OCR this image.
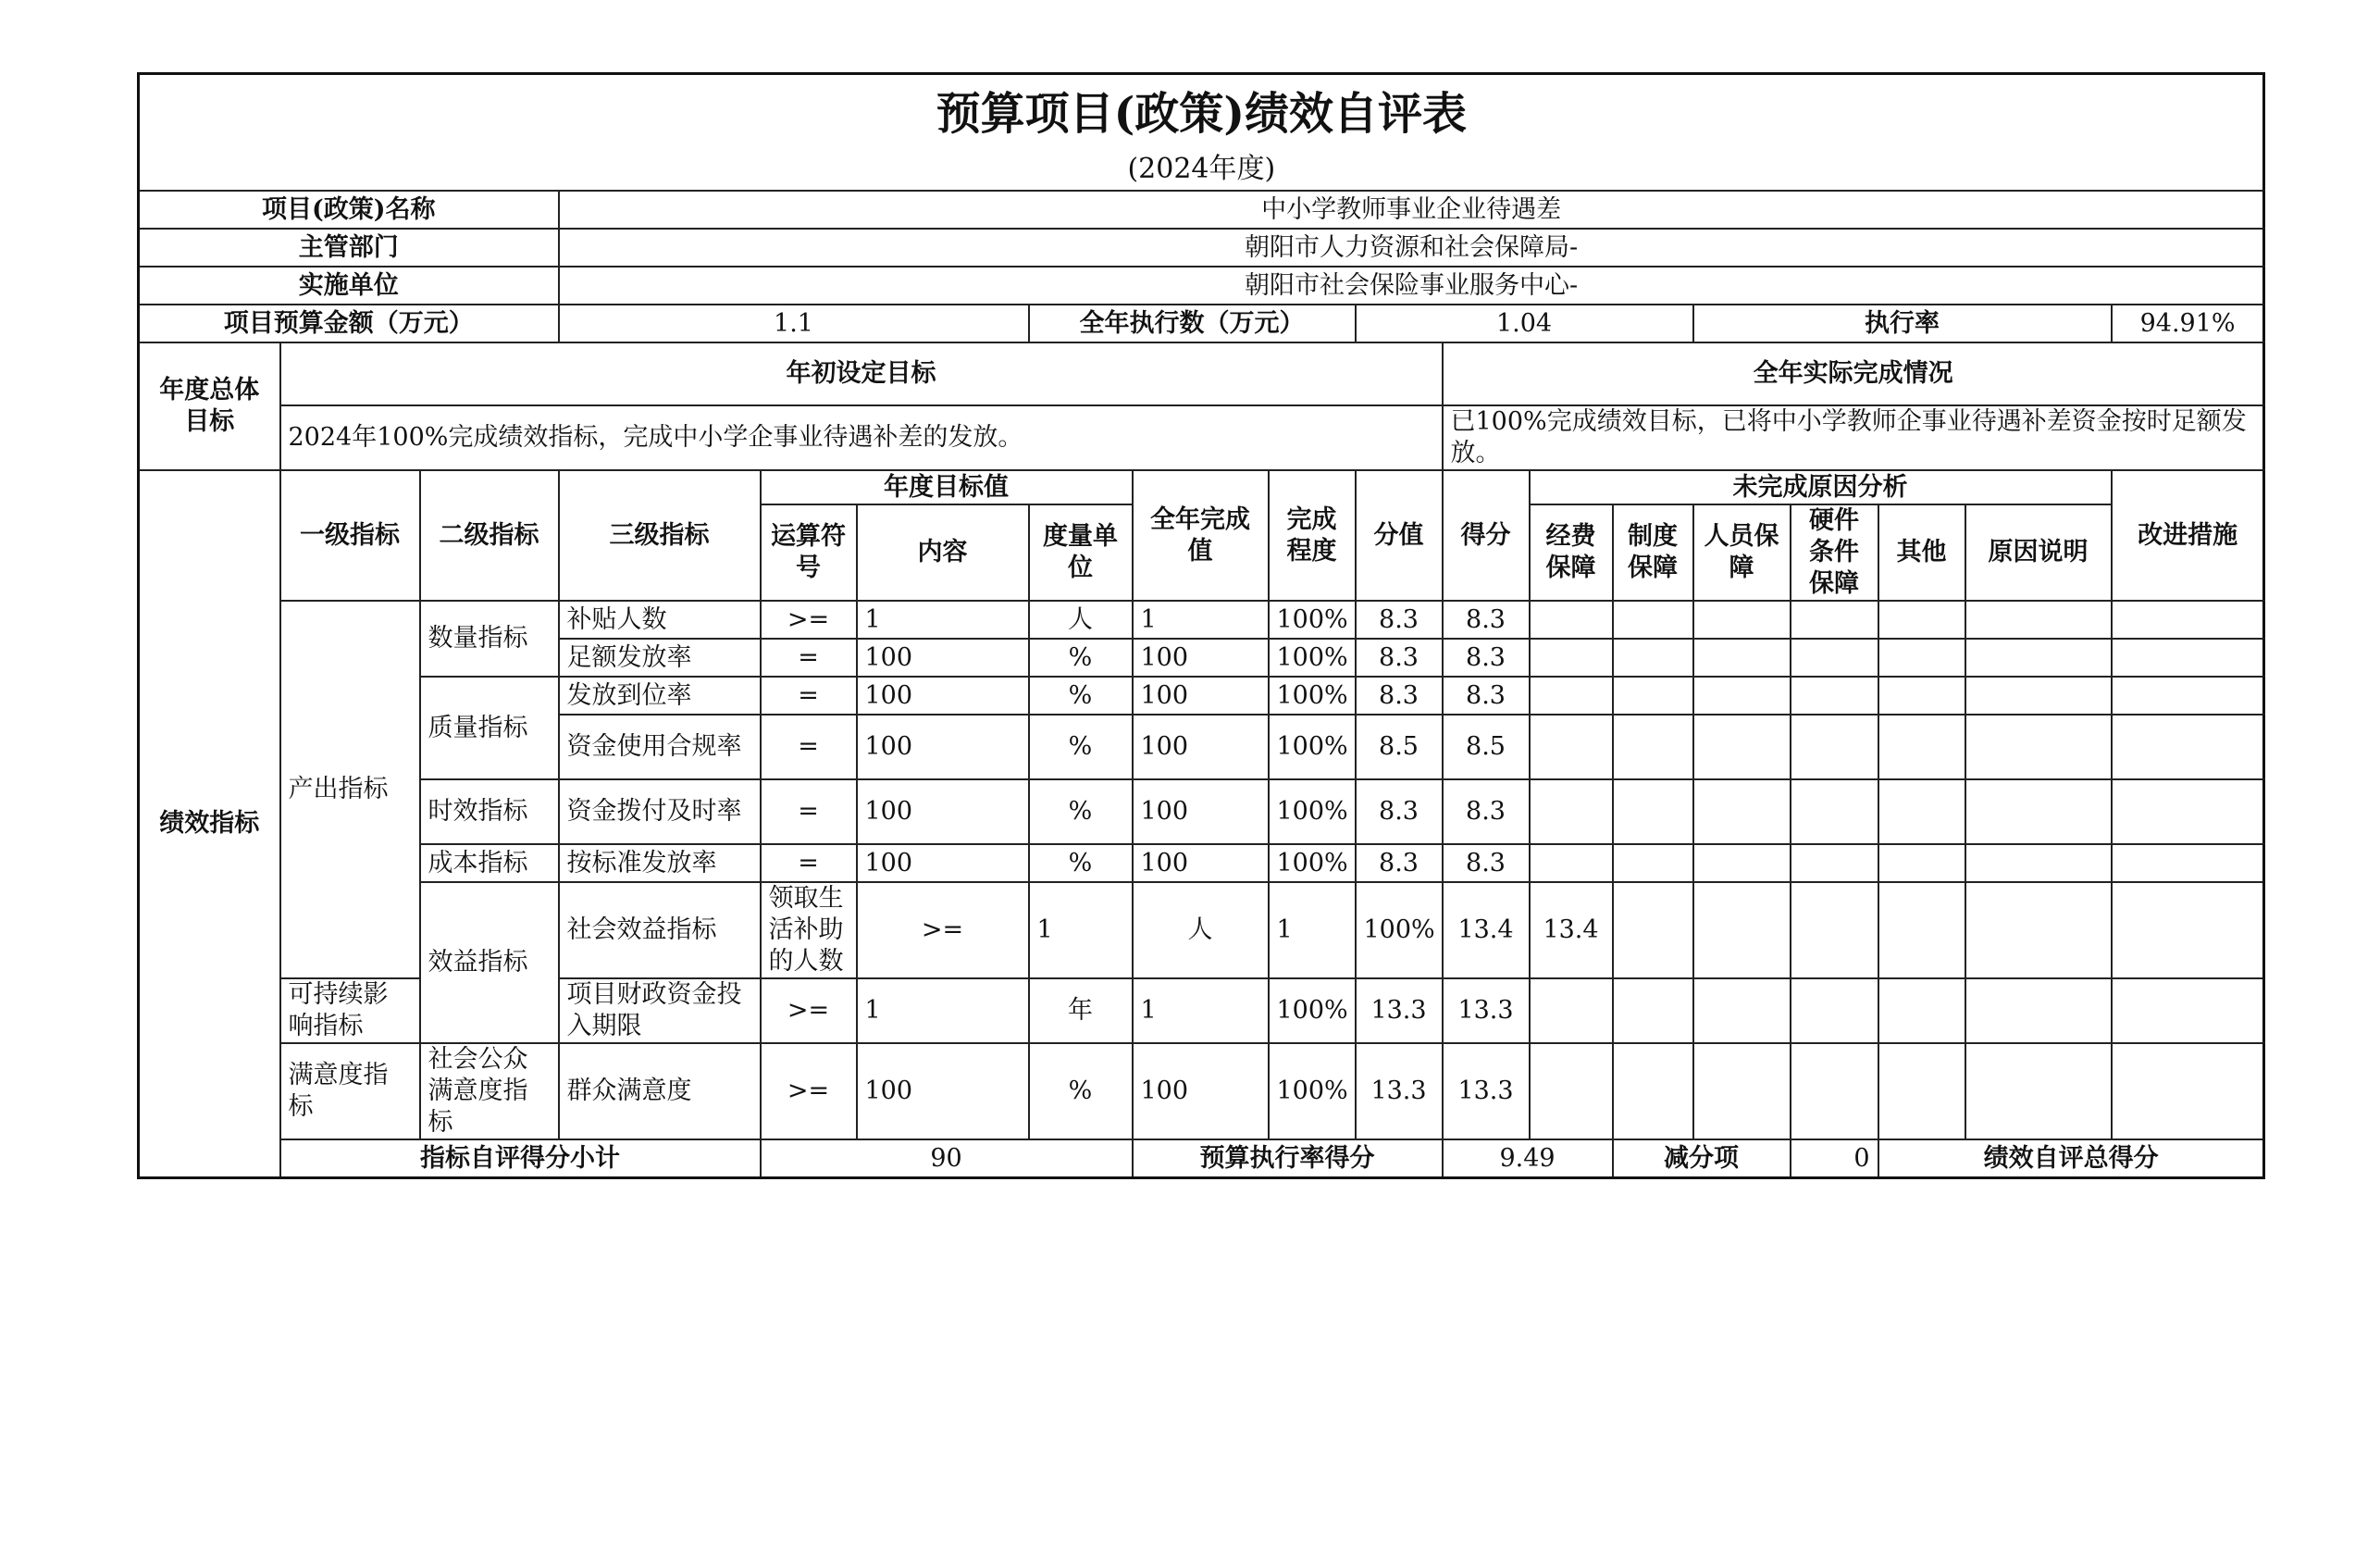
预算项目(政策)绩效自评表																		
(2024年度)																		
项目(政策)名称			中小学教师事业企业待遇差															
主管部门			朝阳市人力资源和社会保障局-															
实施单位			朝阳市社会保险事业服务中心-															
项目预算金额（万元）			1.1			全年执行数（万元）			1.04				执行率				94.91%	
年度总体目标	年初设定目标									全年实际完成情况								
	2024年100%完成绩效指标，完成中小学企事业待遇补差的发放。									已100%完成绩效目标，已将中小学教师企事业待遇补差资金按时足额发放。								
绩效指标	一级指标	二级指标	三级指标	年度目标值			全年完成值	完成程度	分值	得分	未完成原因分析						改进措施	
				运算符号	内容	度量单位					经费保障	制度保障	人员保障	硬件条件保障	其他	原因说明		
	产出指标	数量指标	补贴人数	>=	1	人	1	100%	8.3	8.3								
			足额发放率	=	100	%	100	100%	8.3	8.3								
		质量指标	发放到位率	=	100	%	100	100%	8.3	8.3								
			资金使用合规率	=	100	%	100	100%	8.5	8.5								
		时效指标	资金拨付及时率	=	100	%	100	100%	8.3	8.3								
		成本指标	按标准发放率	=	100	%	100	100%	8.3	8.3								
		效益指标	社会效益指标	领取生活补助的人数	>=	1	人	1	100%	13.4	13.4							
	可持续影响指标		项目财政资金投入期限	>=	1	年	1	100%	13.3	13.3								
	满意度指标	社会公众满意度指标	群众满意度	>=	100	%	100	100%	13.3	13.3								
	指标自评得分小计			90			预算执行率得分			9.49		减分项		0	绩效自评总得分	
